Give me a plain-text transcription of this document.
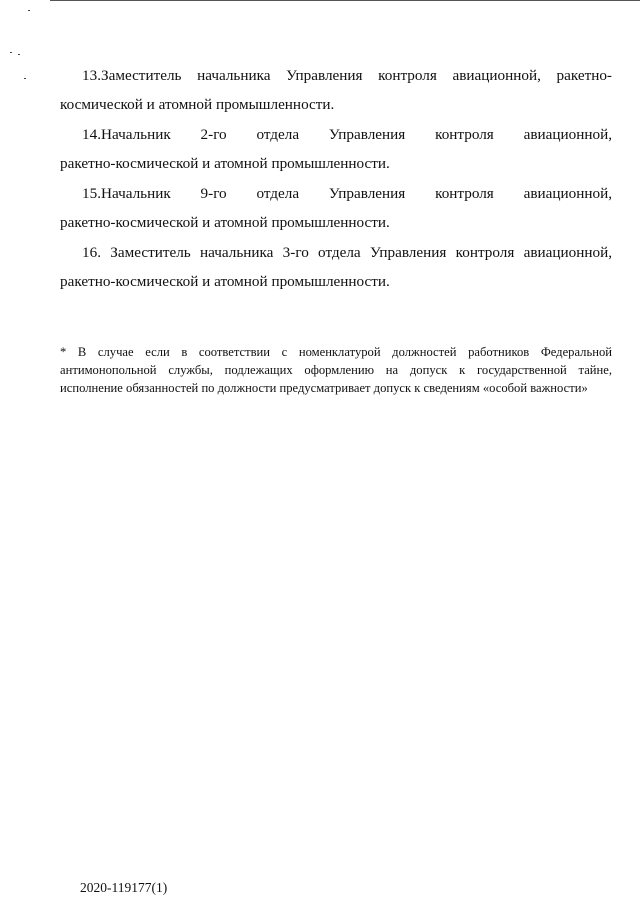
13.Заместитель начальника Управления контроля авиационной, ракетно-
космической и атомной промышленности.
14.Начальник 2-го отдела Управления контроля авиационной,
ракетно-космической и атомной промышленности.
15.Начальник 9-го отдела Управления контроля авиационной,
ракетно-космической и атомной промышленности.
16. Заместитель начальника 3-го отдела Управления контроля авиационной,
ракетно-космической и атомной промышленности.
* В случае если в соответствии с номенклатурой должностей работников Федеральной
антимонопольной службы, подлежащих оформлению на допуск к государственной тайне,
исполнение обязанностей по должности предусматривает допуск к сведениям «особой важности»
2020-119177(1)
